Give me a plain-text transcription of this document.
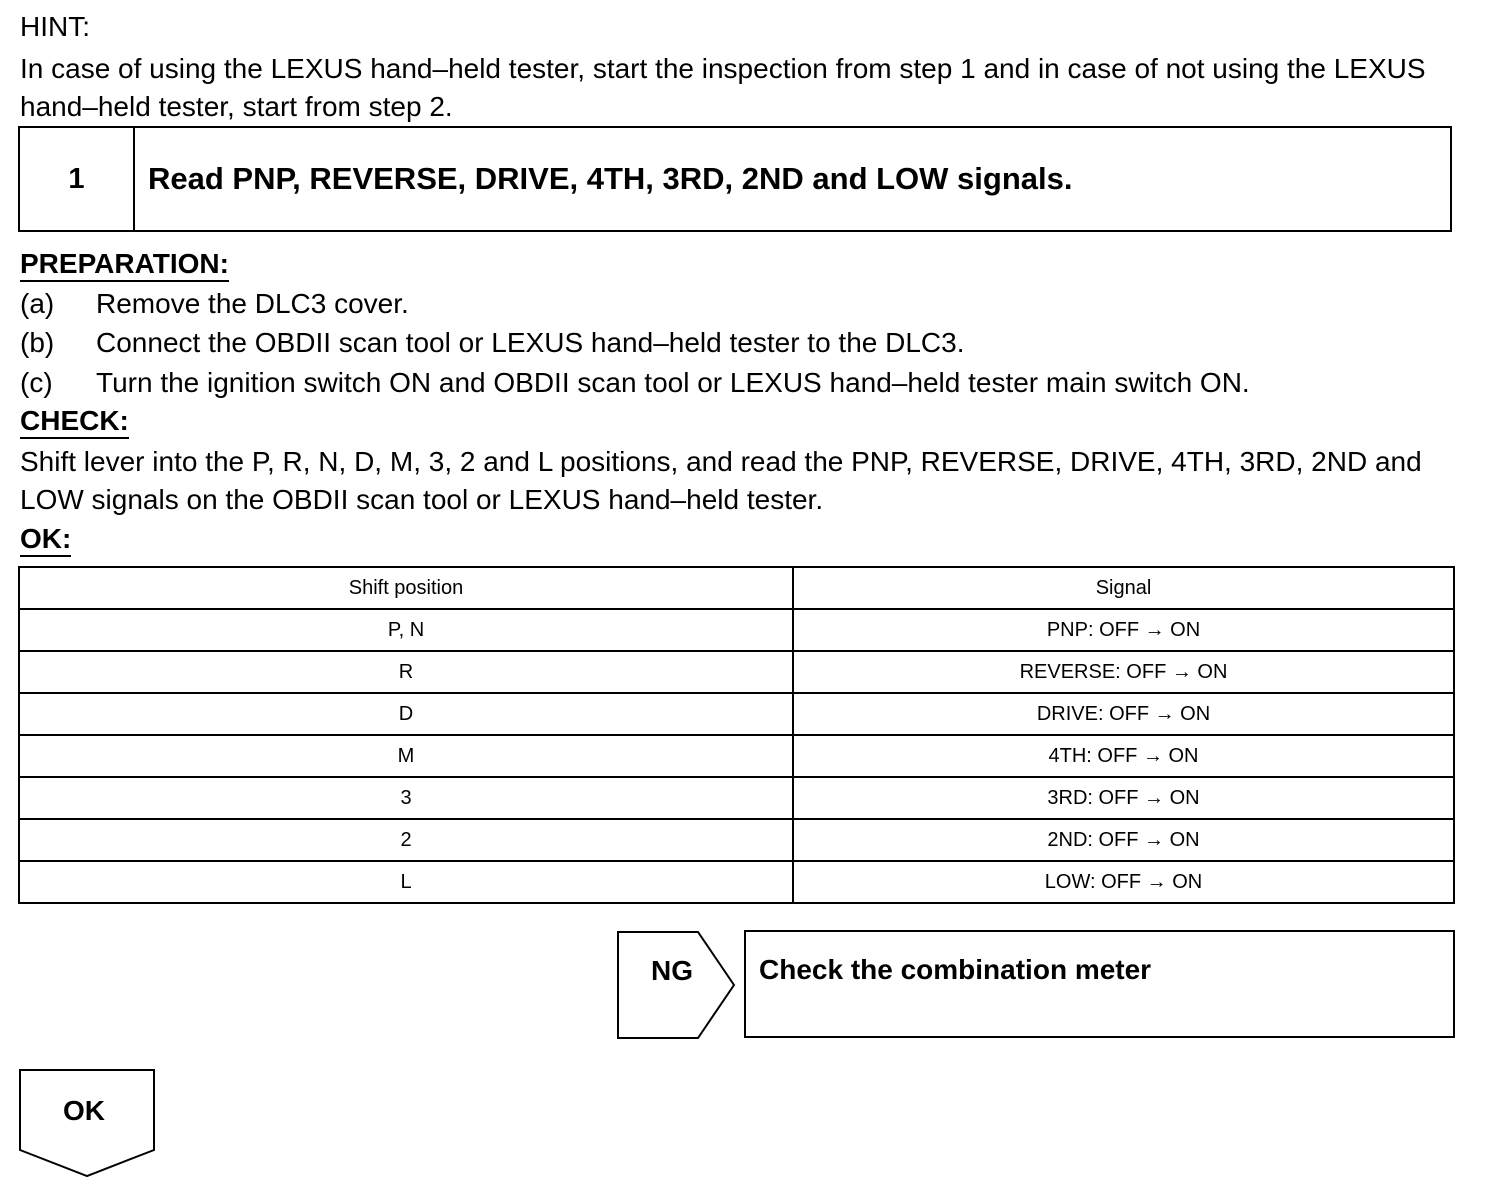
HINT:
In case of using the LEXUS hand–held tester, start the inspection from step 1 and in case of not using the LEXUS hand–held tester, start from step 2.
1	Read PNP, REVERSE, DRIVE, 4TH, 3RD, 2ND and LOW signals.
PREPARATION:
(a) Remove the DLC3 cover.
(b) Connect the OBDII scan tool or LEXUS hand–held tester to the DLC3.
(c) Turn the ignition switch ON and OBDII scan tool or LEXUS hand–held tester main switch ON.
CHECK:
Shift lever into the P, R, N, D, M, 3, 2 and L positions, and read the PNP, REVERSE, DRIVE, 4TH, 3RD, 2ND and LOW signals on the OBDII scan tool or LEXUS hand–held tester.
OK:
Shift position	Signal
P, N	PNP: OFF → ON
R	REVERSE: OFF → ON
D	DRIVE: OFF → ON
M	4TH: OFF → ON
3	3RD: OFF → ON
2	2ND: OFF → ON
L	LOW: OFF → ON
NG	Check the combination meter
OK
